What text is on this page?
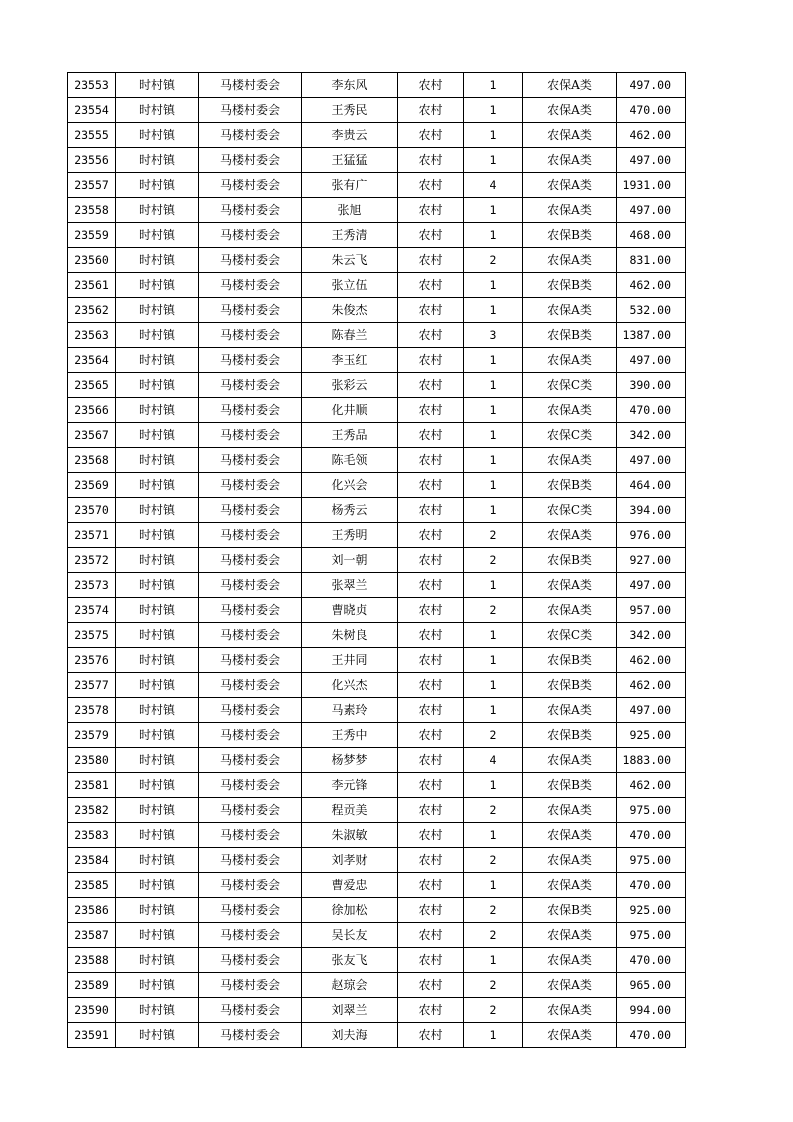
23553	时村镇	马楼村委会	李东风	农村	1	农保A类	497.00
23554	时村镇	马楼村委会	王秀民	农村	1	农保A类	470.00
23555	时村镇	马楼村委会	李贵云	农村	1	农保A类	462.00
23556	时村镇	马楼村委会	王猛猛	农村	1	农保A类	497.00
23557	时村镇	马楼村委会	张有广	农村	4	农保A类	1931.00
23558	时村镇	马楼村委会	张旭	农村	1	农保A类	497.00
23559	时村镇	马楼村委会	王秀清	农村	1	农保B类	468.00
23560	时村镇	马楼村委会	朱云飞	农村	2	农保A类	831.00
23561	时村镇	马楼村委会	张立伍	农村	1	农保B类	462.00
23562	时村镇	马楼村委会	朱俊杰	农村	1	农保A类	532.00
23563	时村镇	马楼村委会	陈春兰	农村	3	农保B类	1387.00
23564	时村镇	马楼村委会	李玉红	农村	1	农保A类	497.00
23565	时村镇	马楼村委会	张彩云	农村	1	农保C类	390.00
23566	时村镇	马楼村委会	化井顺	农村	1	农保A类	470.00
23567	时村镇	马楼村委会	王秀品	农村	1	农保C类	342.00
23568	时村镇	马楼村委会	陈毛领	农村	1	农保A类	497.00
23569	时村镇	马楼村委会	化兴会	农村	1	农保B类	464.00
23570	时村镇	马楼村委会	杨秀云	农村	1	农保C类	394.00
23571	时村镇	马楼村委会	王秀明	农村	2	农保A类	976.00
23572	时村镇	马楼村委会	刘一朝	农村	2	农保B类	927.00
23573	时村镇	马楼村委会	张翠兰	农村	1	农保A类	497.00
23574	时村镇	马楼村委会	曹晓贞	农村	2	农保A类	957.00
23575	时村镇	马楼村委会	朱树良	农村	1	农保C类	342.00
23576	时村镇	马楼村委会	王井同	农村	1	农保B类	462.00
23577	时村镇	马楼村委会	化兴杰	农村	1	农保B类	462.00
23578	时村镇	马楼村委会	马素玲	农村	1	农保A类	497.00
23579	时村镇	马楼村委会	王秀中	农村	2	农保B类	925.00
23580	时村镇	马楼村委会	杨梦梦	农村	4	农保A类	1883.00
23581	时村镇	马楼村委会	李元锋	农村	1	农保B类	462.00
23582	时村镇	马楼村委会	程贡美	农村	2	农保A类	975.00
23583	时村镇	马楼村委会	朱淑敏	农村	1	农保A类	470.00
23584	时村镇	马楼村委会	刘孝财	农村	2	农保A类	975.00
23585	时村镇	马楼村委会	曹爱忠	农村	1	农保A类	470.00
23586	时村镇	马楼村委会	徐加松	农村	2	农保B类	925.00
23587	时村镇	马楼村委会	吴长友	农村	2	农保A类	975.00
23588	时村镇	马楼村委会	张友飞	农村	1	农保A类	470.00
23589	时村镇	马楼村委会	赵琼会	农村	2	农保A类	965.00
23590	时村镇	马楼村委会	刘翠兰	农村	2	农保A类	994.00
23591	时村镇	马楼村委会	刘夫海	农村	1	农保A类	470.00
